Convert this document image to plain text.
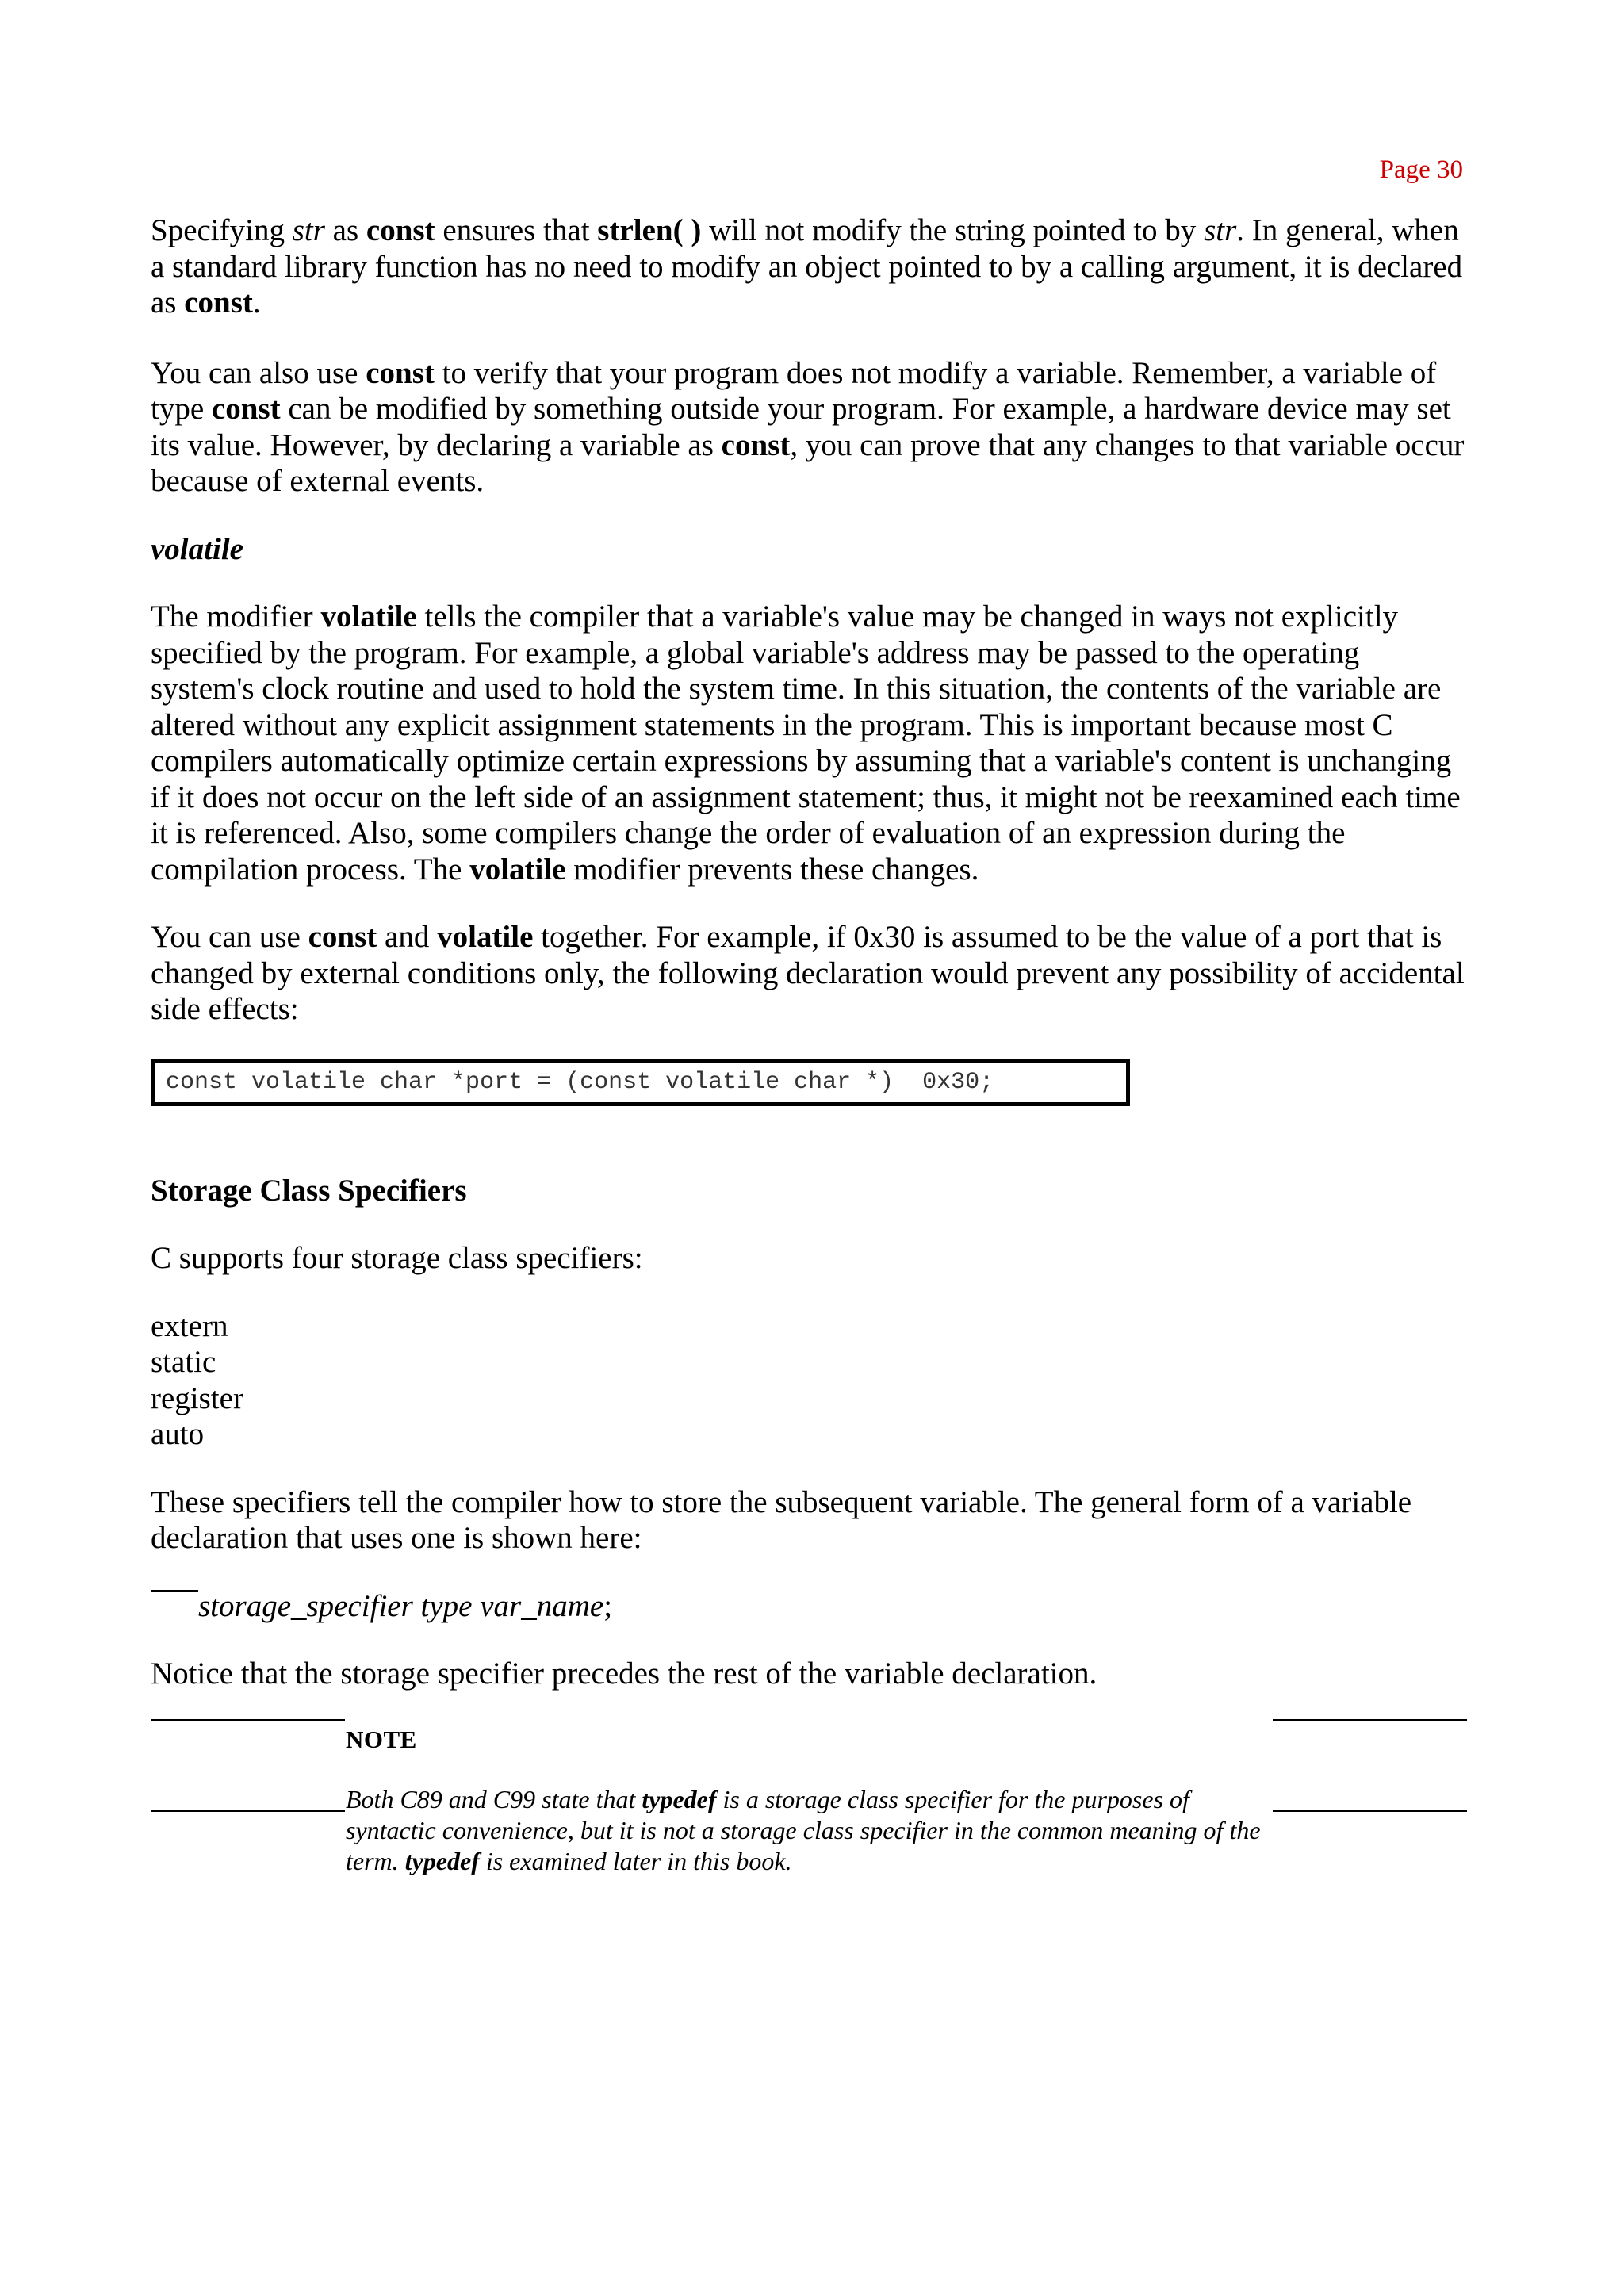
Page 30

Specifying str as const ensures that strlen( ) will not modify the string pointed to by str. In general, when a standard library function has no need to modify an object pointed to by a calling argument, it is declared as const.

You can also use const to verify that your program does not modify a variable. Remember, a variable of type const can be modified by something outside your program. For example, a hardware device may set its value. However, by declaring a variable as const, you can prove that any changes to that variable occur because of external events.

volatile

The modifier volatile tells the compiler that a variable's value may be changed in ways not explicitly specified by the program. For example, a global variable's address may be passed to the operating system's clock routine and used to hold the system time. In this situation, the contents of the variable are altered without any explicit assignment statements in the program. This is important because most C compilers automatically optimize certain expressions by assuming that a variable's content is unchanging if it does not occur on the left side of an assignment statement; thus, it might not be reexamined each time it is referenced. Also, some compilers change the order of evaluation of an expression during the compilation process. The volatile modifier prevents these changes.

You can use const and volatile together. For example, if 0x30 is assumed to be the value of a port that is changed by external conditions only, the following declaration would prevent any possibility of accidental side effects:

const volatile char *port = (const volatile char *)  0x30;
Storage Class Specifiers

C supports four storage class specifiers:

extern
static
register
auto

These specifiers tell the compiler how to store the subsequent variable. The general form of a variable declaration that uses one is shown here:

storage_specifier type var_name;

Notice that the storage specifier precedes the rest of the variable declaration.

NOTE
Both C89 and C99 state that typedef is a storage class specifier for the purposes of syntactic convenience, but it is not a storage class specifier in the common meaning of the term. typedef is examined later in this book.
